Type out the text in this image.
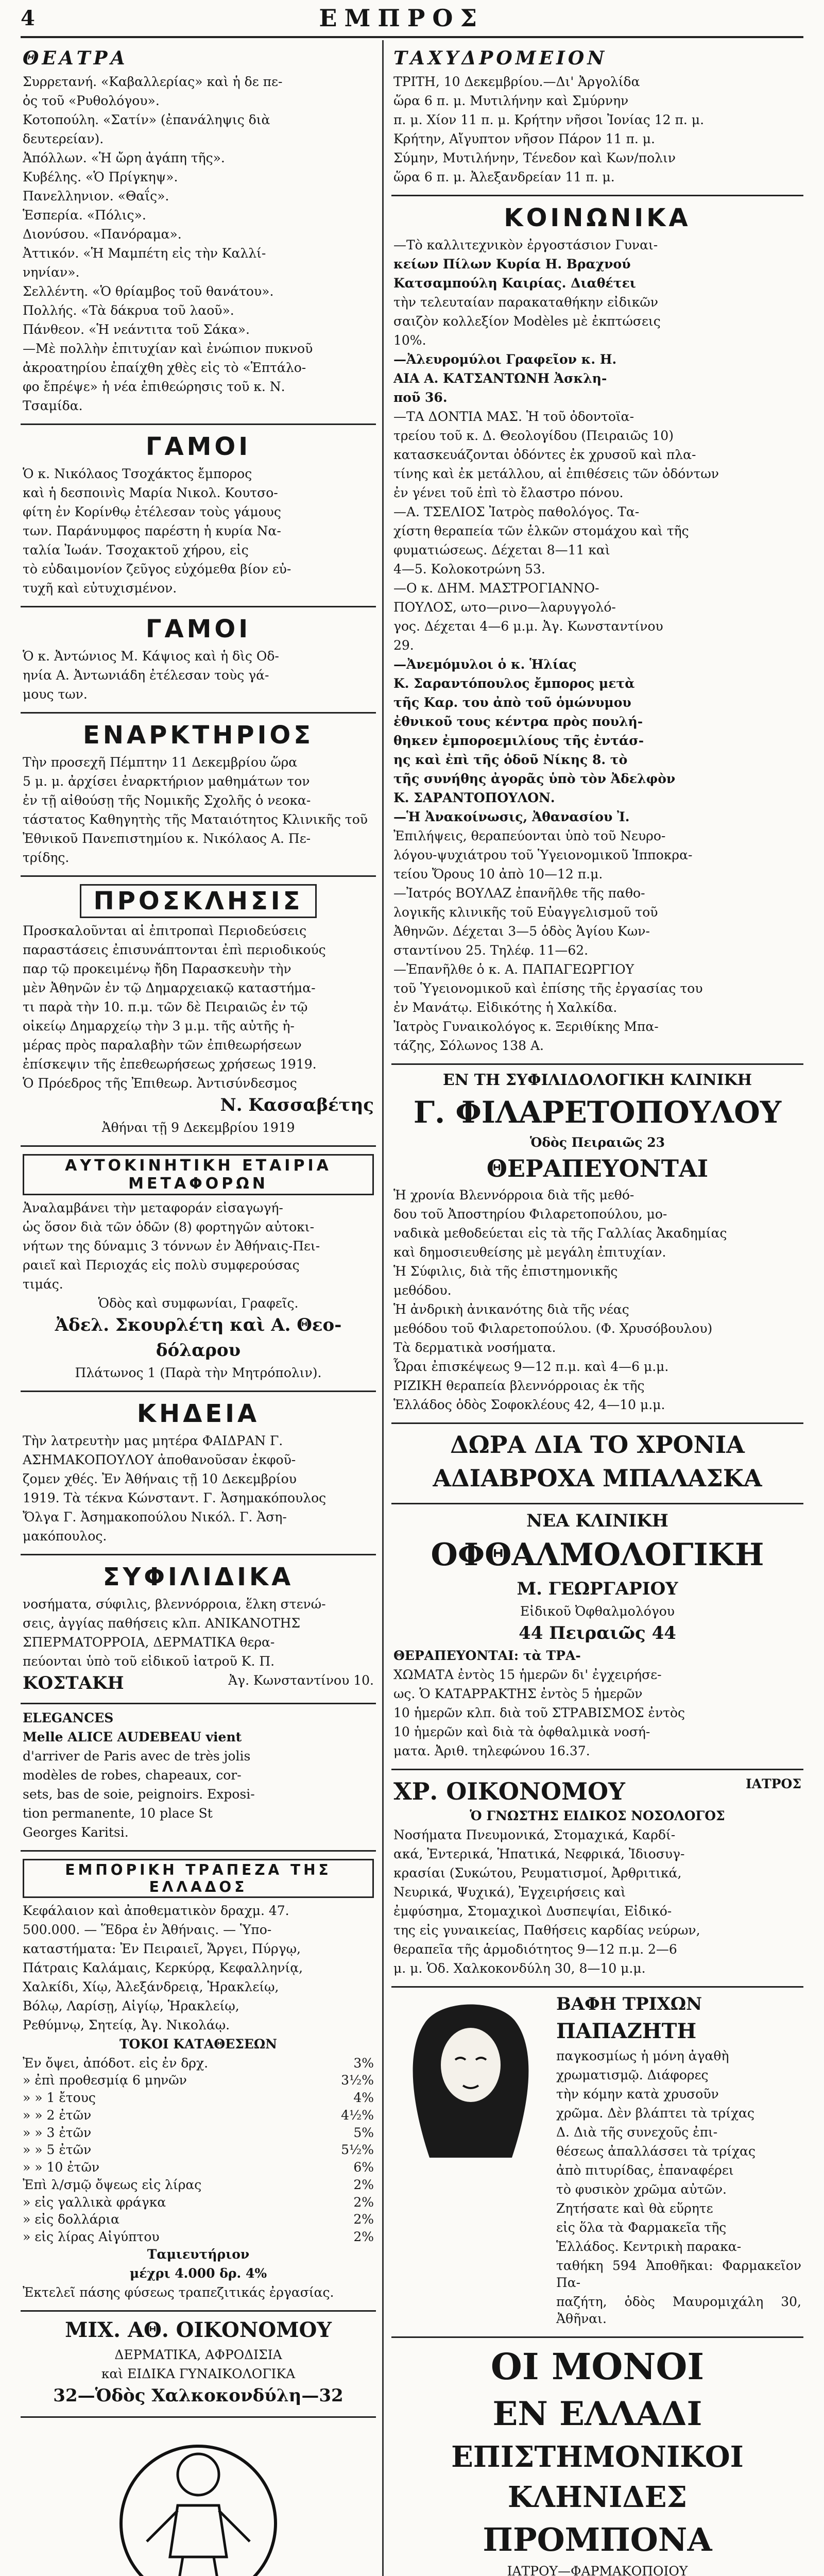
4	ΕΜΠΡΟΣ
ΘΕΑΤΡΑ

Συρρετανή. «Καβαλλερίας» καὶ ἡ δε πε-

ὀς τοῦ «Ρυθολόγου».

Κοτοπούλη. «Σατίν» (ἐπανάληψις διὰ

δευτερείαν).

Ἀπόλλων. «Ἡ ὤρη ἀγάπη τῆς».

Κυβέλης. «Ὁ Πρίγκηψ».

Πανελληνιον. «Θαΐς».

Ἑσπερία. «Πόλις».

Διονύσου. «Πανόραμα».

Ἀττικόν. «Ἡ Μαμπέτη εἰς τὴν Καλλί-

νηνίαν».

Σελλέντη. «Ὁ θρίαμβος τοῦ θανάτου».

Πολλής. «Τὰ δάκρυα τοῦ λαοῦ».

Πάνθεον. «Ἡ νεάντιτα τοῦ Σάκα».

—Μὲ πολλὴν ἐπιτυχίαν καὶ ἐνώπιον πυκνοῦ

ἀκροατηρίου ἐπαίχθη χθὲς εἰς τὸ «Ἑπτάλο-

φο ἔπρέψε» ἡ νέα ἐπιθεώρησις τοῦ κ. Ν.

Τσαμίδα.

ΓΑΜΟΙ

Ὁ κ. Νικόλαος Τσοχάκτος ἔμπορος

καὶ ἡ δεσποινὶς Μαρία Νικολ. Κουτσο-

φίτη ἐν Κορίνθῳ ἐτέλεσαν τοὺς γάμους

των. Παράνυμφος παρέστη ἡ κυρία Να-

ταλία Ἰωάν. Τσοχακτοῦ χήρου, εἰς

τὸ εὐδαιμονίον ζεῦγος εὐχόμεθα βίον εὐ-

τυχῆ καὶ εὐτυχισμένον.

ΓΑΜΟΙ

Ὁ κ. Ἀντώνιος Μ. Κάψιος καὶ ἡ δὶς Οδ-

ηνία Α. Ἀντωνιάδη ἐτέλεσαν τοὺς γά-

μους των.

ΕΝΑΡΚΤΗΡΙΟΣ

Τὴν προσεχῆ Πέμπτην 11 Δεκεμβρίου ὥρα

5 μ. μ. ἀρχίσει ἐναρκτήριον μαθημάτων τον

ἐν τῇ αἰθούσῃ τῆς Νομικῆς Σχολῆς ὁ νεοκα-

τάστατος Καθηγητὴς τῆς Ματαιότητος Κλινικῆς τοῦ

Ἐθνικοῦ Πανεπιστημίου κ. Νικόλαος Α. Πε-

τρίδης.

ΠΡΟΣΚΛΗΣΙΣ

Προσκαλοῦνται αἱ ἐπιτροπαὶ Περιοδεύσεις

παραστάσεις ἐπισυνάπτονται ἐπὶ περιοδικούς

παρ τῷ προκειμένῳ ἤδη Παρασκευὴν τὴν

μὲν Ἀθηνῶν ἐν τῷ Δημαρχειακῷ καταστήμα-

τι παρὰ τὴν 10. π.μ. τῶν δὲ Πειραιῶς ἐν τῷ

οἰκείῳ Δημαρχείῳ τὴν 3 μ.μ. τῆς αὐτῆς ἡ-

μέρας πρὸς παραλαβὴν τῶν ἐπιθεωρήσεων

ἐπίσκεψιν τῆς ἐπεθεωρήσεως χρήσεως 1919.

Ὁ Πρόεδρος τῆς Ἐπιθεωρ. Ἀντισύνδεσμος

Ν. Κασσαβέτης

Ἀθήναι τῇ 9 Δεκεμβρίου 1919

ΑΥΤΟΚΙΝΗΤΙΚΗ ΕΤΑΙΡΙΑ ΜΕΤΑΦΟΡΩΝ

Ἀναλαμβάνει τὴν μεταφοράν εἰσαγωγή-

ὡς ὅσον διὰ τῶν ὁδῶν (8) φορτηγῶν αὐτοκι-

νήτων της δύναμις 3 τόννων ἐν Ἀθήναις-Πει-

ραιεῖ καὶ Περιοχάς εἰς πολὺ συμφερούσας

τιμάς.

Ὁδὸς καὶ συμφωνίαι, Γραφεῖς.

Ἀδελ. Σκουρλέτη καὶ Α. Θεο-

δόλαρου

Πλάτωνος 1 (Παρὰ τὴν Μητρόπολιν).

ΚΗΔΕΙΑ

Τὴν λατρευτὴν μας μητέρα ΦΑΙΔΡΑΝ Γ.

ΑΣΗΜΑΚΟΠΟΥΛΟΥ ἀποθανοῦσαν ἐκφοῦ-

ζομεν χθές. Ἐν Ἀθήναις τῇ 10 Δεκεμβρίου

1919. Τὰ τέκνα Κώνσταντ. Γ. Ἀσημακόπουλος

Ὄλγα Γ. Ἀσημακοπούλου Νικόλ. Γ. Ἀση-

μακόπουλος.

ΣΥΦΙΛΙΔΙΚΑ

νοσήματα, σύφιλις, βλεννόρροια, ἕλκη στενώ-

σεις, ἀγγίας παθήσεις κλπ. ΑΝΙΚΑΝΟΤΗΣ

ΣΠΕΡΜΑΤΟΡΡΟΙΑ, ΔΕΡΜΑΤΙΚΑ θερα-

πεύονται ὑπὸ τοῦ εἰδικοῦ ἰατροῦ Κ. Π.

ΚΟΣΤΑΚΗ	Ἀγ. Κωνσταντίνου 10.

ELEGANCES

Melle ALICE AUDEBEAU vient

d'arriver de Paris avec de très jolis

modèles de robes, chapeaux, cor-

sets, bas de soie, peignoirs. Exposi-

tion permanente, 10 place St

Georges Karitsi.

ΕΜΠΟΡΙΚΗ ΤΡΑΠΕΖΑ ΤΗΣ ΕΛΛΑΔΟΣ

Κεφάλαιον καὶ ἀποθεματικὸν δραχμ. 47.

500.000. — Ἕδρα ἐν Ἀθήναις. — Ὑπο-

καταστήματα: Ἐν Πειραιεῖ, Ἄργει, Πύργῳ,

Πάτραις Καλάμαις, Κερκύρᾳ, Κεφαλληνίᾳ,

Χαλκίδι, Χίῳ, Ἀλεξάνδρειᾳ, Ἡρακλείῳ,

Βόλῳ, Λαρίσῃ, Αἰγίῳ, Ἡρακλείῳ,

Ρεθύμνῳ, Σητείᾳ, Ἀγ. Νικολάῳ.

ΤΟΚΟΙ ΚΑΤΑΘΕΣΕΩΝ

Ἐν ὄψει, ἀπόδοτ. εἰς ἐν δρχ.	3%
» ἐπὶ προθεσμίᾳ 6 μηνῶν	3½%
» » 1 ἔτους	4%
» » 2 ἐτῶν	4½%
» » 3 ἐτῶν	5%
» » 5 ἐτῶν	5½%
» » 10 ἐτῶν	6%
Ἐπὶ λ/σμῷ ὄψεως εἰς λίρας	2%
» εἰς γαλλικὰ φράγκα	2%
» εἰς δολλάρια	2%
» εἰς λίρας Αἰγύπτου	2%

Ταμιευτήριον

μέχρι 4.000 δρ. 4%

Ἐκτελεῖ πάσης φύσεως τραπεζιτικάς ἐργασίας.

ΜΙΧ. ΑΘ. ΟΙΚΟΝΟΜΟΥ

ΔΕΡΜΑΤΙΚΑ, ΑΦΡΟΔΙΣΙΑ

καὶ ΕΙΔΙΚΑ ΓΥΝΑΙΚΟΛΟΓΙΚΑ

32—Ὁδὸς Χαλκοκονδύλη—32

ΤΑΧΥΔΡΟΜΕΙΟΝ

ΤΡΙΤΗ, 10 Δεκεμβρίου.—Δι' Ἀργολίδα

ὥρα 6 π. μ. Μυτιλήνην καὶ Σμύρνην

π. μ. Χίον 11 π. μ. Κρήτην νῆσοι Ἰονίας 12 π. μ.

Κρήτην, Αἴγυπτον νῆσον Πάρον 11 π. μ.

Σύμην, Μυτιλήνην, Τένεδον καὶ Κων/πολιν

ὥρα 6 π. μ. Ἀλεξανδρείαν 11 π. μ.

ΚΟΙΝΩΝΙΚΑ

—Τὸ καλλιτεχνικὸν ἐργοστάσιον Γυναι-

κείων Πίλων Κυρία Η. Βραχνού

Κατσαμπούλη Καιρίας. Διαθέτει

τὴν τελευταίαν παρακαταθήκην εἰδικῶν

σαιζὸν κολλεξίον Modèles μὲ ἐκπτώσεις

10%.

—Ἀλευρομύλοι Γραφεῖον κ. Η.

ΑΙΑ Α. ΚΑΤΣΑΝΤΩΝΗ Ἀσκλη-

ποῦ 36.

—ΤΑ ΔΟΝΤΙΑ ΜΑΣ. Ἡ τοῦ ὀδοντοϊα-

τρείου τοῦ κ. Δ. Θεολογίδου (Πειραιῶς 10)

κατασκευάζονται ὀδόντες ἐκ χρυσοῦ καὶ πλα-

τίνης καὶ ἐκ μετάλλου, αἱ ἐπιθέσεις τῶν ὀδόντων

ἐν γένει τοῦ ἐπὶ τὸ ἔλαστρο πόνου.

—Α. ΤΣΕΛΙΟΣ Ἰατρὸς παθολόγος. Τα-

χίστη θεραπεία τῶν ἑλκῶν στομάχου καὶ τῆς

φυματιώσεως. Δέχεται 8—11 καὶ

4—5. Κολοκοτρώνη 53.

—Ο κ. ΔΗΜ. ΜΑΣΤΡΟΓΙΑΝΝΟ-

ΠΟΥΛΟΣ, ωτο—ρινο—λαρυγγολό-

γος. Δέχεται 4—6 μ.μ. Ἀγ. Κωνσταντίνου

29.

—Ἀνεμόμυλοι ὁ κ. Ἡλίας

Κ. Σαραντόπουλος ἔμπορος μετὰ

τῆς Καρ. του ἀπὸ τοῦ ὁμώνυμου

ἐθνικοῦ τους κέντρα πρὸς πουλή-

θηκεν ἐμποροεμιλίους τῆς ἐντάσ-

ης καὶ ἐπὶ τῆς ὁδοῦ Νίκης 8. τὸ

τῆς συνήθης ἀγορᾶς ὑπὸ τὸν Ἀδελφὸν

Κ. ΣΑΡΑΝΤΟΠΟΥΛΟΝ.

—Ἡ Ἀνακοίνωσις, Ἀθανασίου Ἰ.

Ἐπιλήψεις, θεραπεύονται ὑπὸ τοῦ Νευρο-

λόγου-ψυχιάτρου τοῦ Ὑγειονομικοῦ Ἱπποκρα-

τείου Ὄρους 10 ἀπὸ 10—12 π.μ.

—Ἰατρός ΒΟΥΛΑΖ ἐπανῆλθε τῆς παθο-

λογικῆς κλινικῆς τοῦ Εὐαγγελισμοῦ τοῦ

Ἀθηνῶν. Δέχεται 3—5 ὁδὸς Ἁγίου Κων-

σταντίνου 25. Τηλέφ. 11—62.

—Ἐπανῆλθε ὁ κ. Α. ΠΑΠΑΓΕΩΡΓΙΟΥ

τοῦ Ὑγειονομικοῦ καὶ ἐπίσης τῆς ἐργασίας του

ἐν Μανάτῳ. Εἰδικότης ἡ Χαλκίδα.

Ἰατρὸς Γυναικολόγος κ. Ξεριθίκης Μπα-

τάζης, Σόλωνος 138 Α.

ΕΝ ΤΗ ΣΥΦΙΛΙΔΟΛΟΓΙΚΗ ΚΛΙΝΙΚΗ

Γ. ΦΙΛΑΡΕΤΟΠΟΥΛΟΥ

Ὁδὸς Πειραιῶς 23

ΘΕΡΑΠΕΥΟΝΤΑΙ

Ἡ χρονία Βλεννόρροια διὰ τῆς μεθό-

δου τοῦ Ἀποστηρίου Φιλαρετοπούλου, μο-

ναδικὰ μεθοδεύεται εἰς τὰ τῆς Γαλλίας Ἀκαδημίας

καὶ δημοσιευθείσης μὲ μεγάλη ἐπιτυχίαν.

Ἡ Σύφιλις, διὰ τῆς ἐπιστημονικῆς

μεθόδου.

Ἡ ἀνδρικὴ ἀνικανότης διὰ τῆς νέας

μεθόδου τοῦ Φιλαρετοπούλου. (Φ. Χρυσόβουλου)

Τὰ δερματικὰ νοσήματα.

Ὧραι ἐπισκέψεως 9—12 π.μ. καὶ 4—6 μ.μ.

ΡΙΖΙΚΗ θεραπεία βλεννόρροιας ἐκ τῆς

Ἑλλάδος ὁδὸς Σοφοκλέους 42, 4—10 μ.μ.

ΔΩΡΑ ΔΙΑ ΤΟ ΧΡΟΝΙΑ

ΑΔΙΑΒΡΟΧΑ ΜΠΑΛΑΣΚΑ

ΝΕΑ ΚΛΙΝΙΚΗ

ΟΦΘΑΛΜΟΛΟΓΙΚΗ

Μ. ΓΕΩΡΓΑΡΙΟΥ

Εἰδικοῦ Ὀφθαλμολόγου

44 Πειραιῶς 44

ΘΕΡΑΠΕΥΟΝΤΑΙ: τὰ ΤΡΑ-

ΧΩΜΑΤΑ ἐντὸς 15 ἡμερῶν δι' ἐγχειρήσε-

ως. Ὁ ΚΑΤΑΡΡΑΚΤΗΣ ἐντὸς 5 ἡμερῶν

10 ἡμερῶν κλπ. διὰ τοῦ ΣΤΡΑΒΙΣΜΟΣ ἐντὸς

10 ἡμερῶν καὶ διὰ τὰ ὀφθαλμικὰ νοσή-

ματα. Ἀριθ. τηλεφώνου 16.37.

ΧΡ. ΟΙΚΟΝΟΜΟΥ	ΙΑΤΡΟΣ

Ὁ ΓΝΩΣΤΗΣ ΕΙΔΙΚΟΣ ΝΟΣΟΛΟΓΟΣ

Νοσήματα Πνευμονικά, Στομαχικά, Καρδί-

ακά, Ἐντερικά, Ἡπατικά, Νεφρικά, Ἰδιοσυγ-

κρασίαι (Συκώτου, Ρευματισμοί, Ἀρθριτικά,

Νευρικά, Ψυχικά), Ἐγχειρήσεις καὶ

ἐμφύσημα, Στομαχικοὶ Δυσπεψίαι, Εἰδικό-

της εἰς γυναικείας, Παθήσεις καρδίας νεύρων,

θεραπεῖα τῆς ἁρμοδιότητος 9—12 π.μ. 2—6

μ. μ. Ὁδ. Χαλκοκονδύλη 30, 8—10 μ.μ.

ΒΑΦΗ ΤΡΙΧΩΝ

ΠΑΠΑΖΗΤΗ

παγκοσμίως ἡ μόνη ἀγαθὴ

χρωματισμῷ. Διάφορες

τὴν κόμην κατὰ χρυσοῦν

χρῶμα. Δὲν βλάπτει τὰ τρίχας

Δ. Διὰ τῆς συνεχοῦς ἐπι-

θέσεως ἀπαλλάσσει τὰ τρίχας

ἀπὸ πιτυρίδας, ἐπαναφέρει

τὸ φυσικὸν χρῶμα αὐτῶν.

Ζητήσατε καὶ θὰ εὕρητε

εἰς ὅλα τὰ Φαρμακεῖα τῆς

Ἑλλάδος. Κεντρικὴ παρακα-

ταθήκη 594 Ἀποθῆκαι: Φαρμακεῖον Πα-

παζήτη, ὁδὸς Μαυρομιχάλη 30, Ἀθῆναι.

ΟΙ ΜΟΝΟΙ

ΕΝ ΕΛΛΑΔΙ

ΕΠΙΣΤΗΜΟΝΙΚΟΙ

ΚΛΗΝΙΔΕΣ

ΠΡΟΜΠΟΝΑ

ΙΑΤΡΟΥ—ΦΑΡΜΑΚΟΠΟΙΟΥ
